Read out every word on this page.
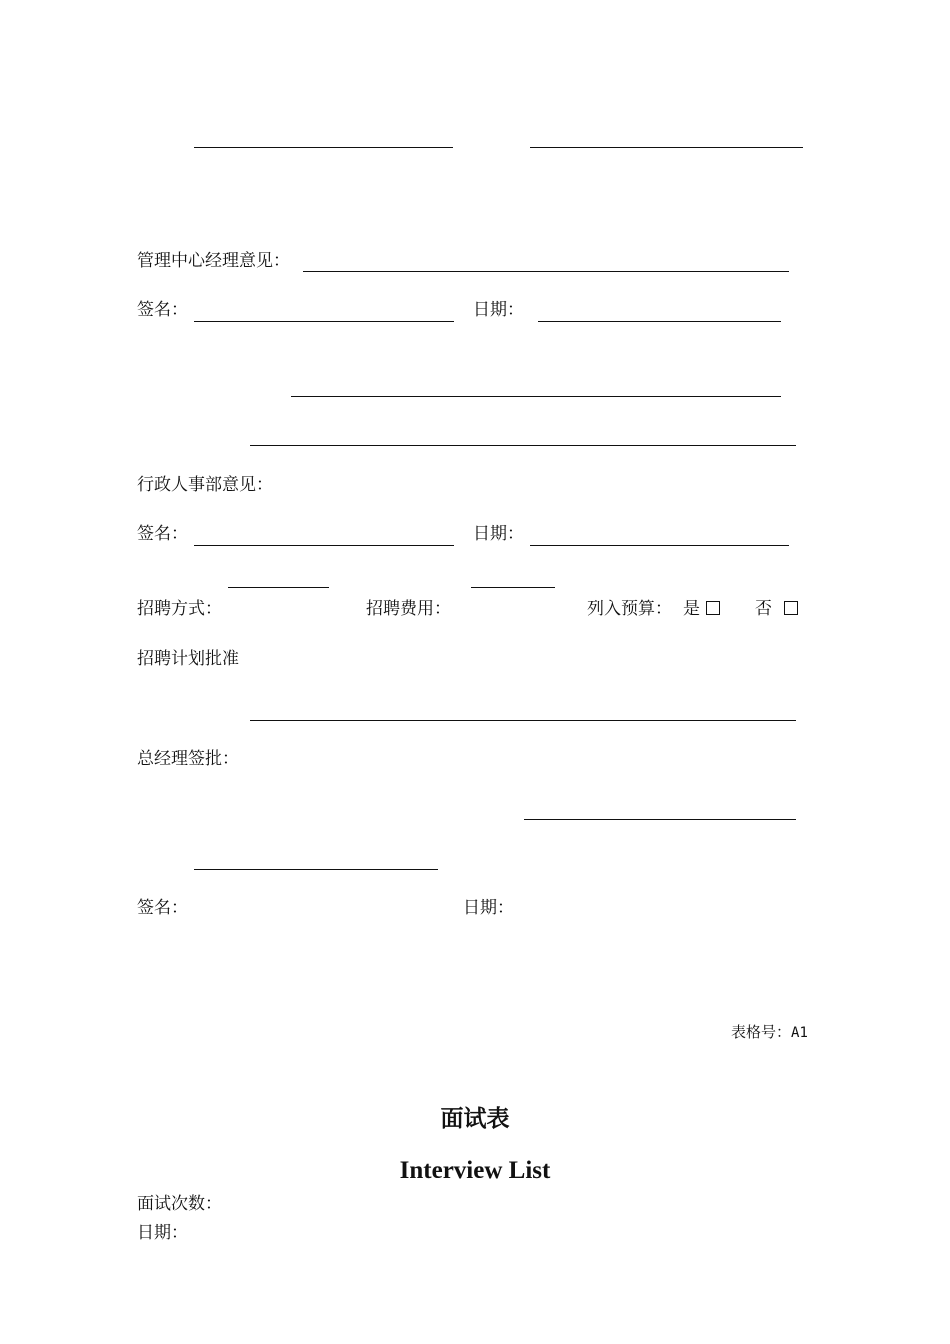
管理中心经理意见：
签名：	日期：
行政人事部意见：
签名：	日期：
招聘方式：	招聘费用：	列入预算： 是	否
招聘计划批准
总经理签批：
签名：	日期：
表格号：A1
面试表
Interview List
面试次数：
日期：
